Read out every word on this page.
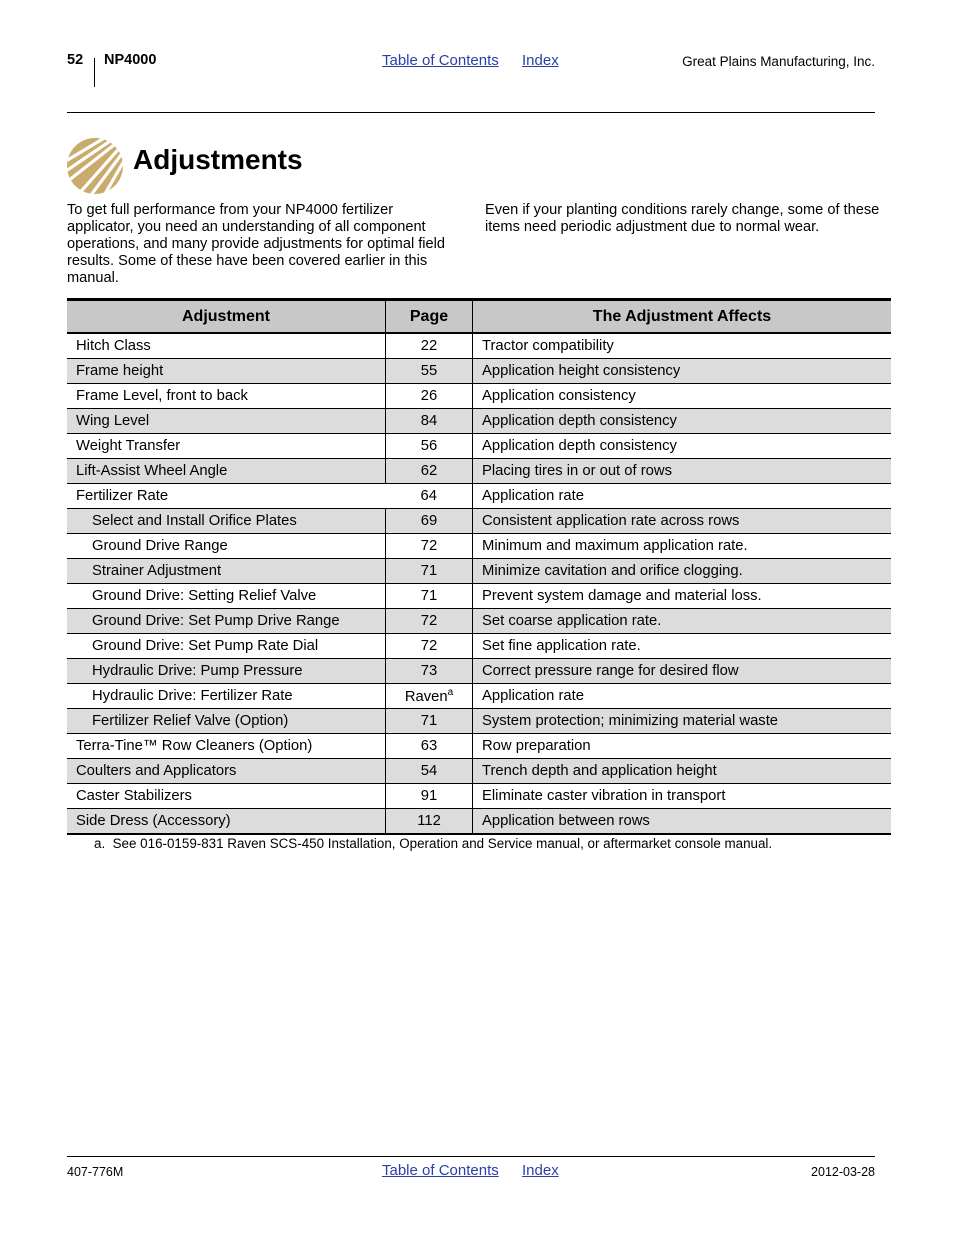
52 NP4000	Table of Contents Index	Great Plains Manufacturing, Inc.
Adjustments

To get full performance from your NP4000 fertilizer applicator, you need an understanding of all component operations, and many provide adjustments for optimal field results. Some of these have been covered earlier in this manual.

Even if your planting conditions rarely change, some of these items need periodic adjustment due to normal wear.

Adjustment	Page	The Adjustment Affects
Hitch Class	22	Tractor compatibility
Frame height	55	Application height consistency
Frame Level, front to back	26	Application consistency
Wing Level	84	Application depth consistency
Weight Transfer	56	Application depth consistency
Lift-Assist Wheel Angle	62	Placing tires in or out of rows
Fertilizer Rate	64	Application rate
Select and Install Orifice Plates	69	Consistent application rate across rows
Ground Drive Range	72	Minimum and maximum application rate.
Strainer Adjustment	71	Minimize cavitation and orifice clogging.
Ground Drive: Setting Relief Valve	71	Prevent system damage and material loss.
Ground Drive: Set Pump Drive Range	72	Set coarse application rate.
Ground Drive: Set Pump Rate Dial	72	Set fine application rate.
Hydraulic Drive: Pump Pressure	73	Correct pressure range for desired flow
Hydraulic Drive: Fertilizer Rate	Raven$^a$	Application rate
Fertilizer Relief Valve (Option)	71	System protection; minimizing material waste
Terra-Tine™ Row Cleaners (Option)	63	Row preparation
Coulters and Applicators	54	Trench depth and application height
Caster Stabilizers	91	Eliminate caster vibration in transport
Side Dress (Accessory)	112	Application between rows
a. See 016-0159-831 Raven SCS-450 Installation, Operation and Service manual, or aftermarket console manual.
407-776M	Table of Contents Index	2012-03-28
